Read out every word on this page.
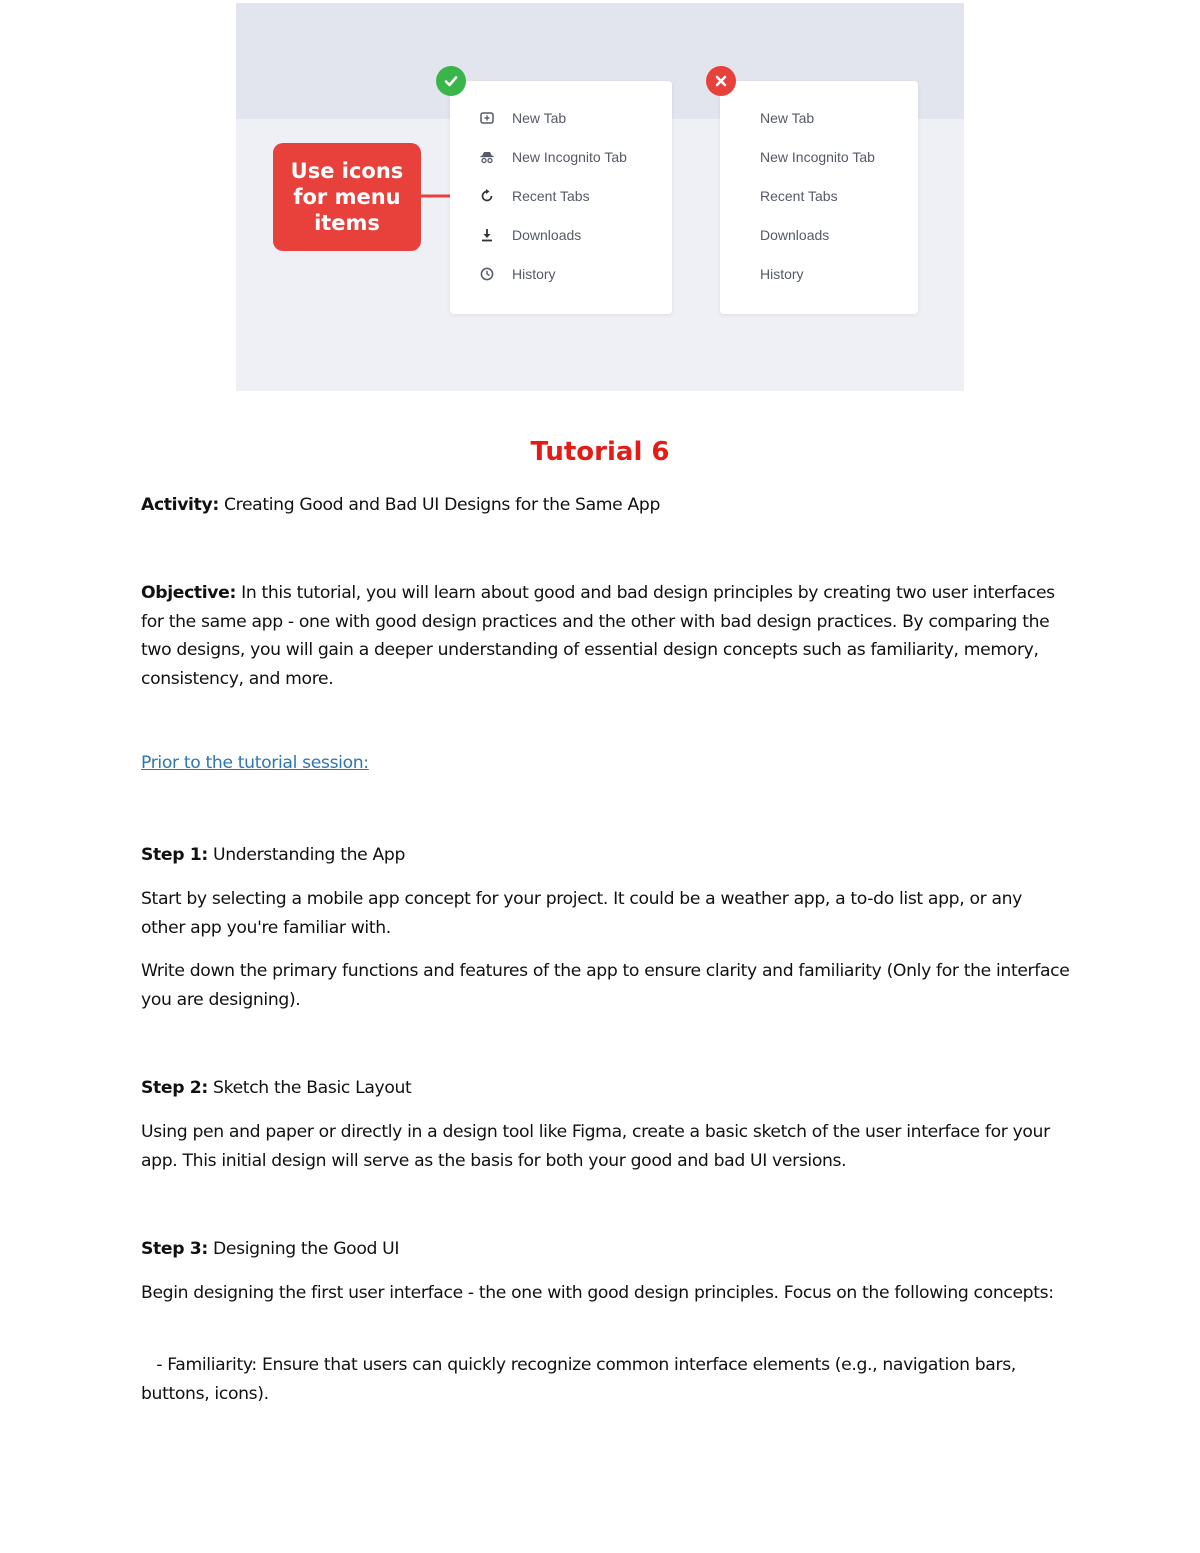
Use icons
for menu
items
New Tab
New Incognito Tab
Recent Tabs
Downloads
History
New Tab
New Incognito Tab
Recent Tabs
Downloads
History
Tutorial 6
Activity: Creating Good and Bad UI Designs for the Same App
Objective: In this tutorial, you will learn about good and bad design principles by creating two user interfaces for the same app - one with good design practices and the other with bad design practices. By comparing the two designs, you will gain a deeper understanding of essential design concepts such as familiarity, memory, consistency, and more.
Prior to the tutorial session:
Step 1: Understanding the App
Start by selecting a mobile app concept for your project. It could be a weather app, a to-do list app, or any other app you're familiar with.
Write down the primary functions and features of the app to ensure clarity and familiarity (Only for the interface you are designing).
Step 2: Sketch the Basic Layout
Using pen and paper or directly in a design tool like Figma, create a basic sketch of the user interface for your app. This initial design will serve as the basis for both your good and bad UI versions.
Step 3: Designing the Good UI
Begin designing the first user interface - the one with good design principles. Focus on the following concepts:
- Familiarity: Ensure that users can quickly recognize common interface elements (e.g., navigation bars, buttons, icons).
